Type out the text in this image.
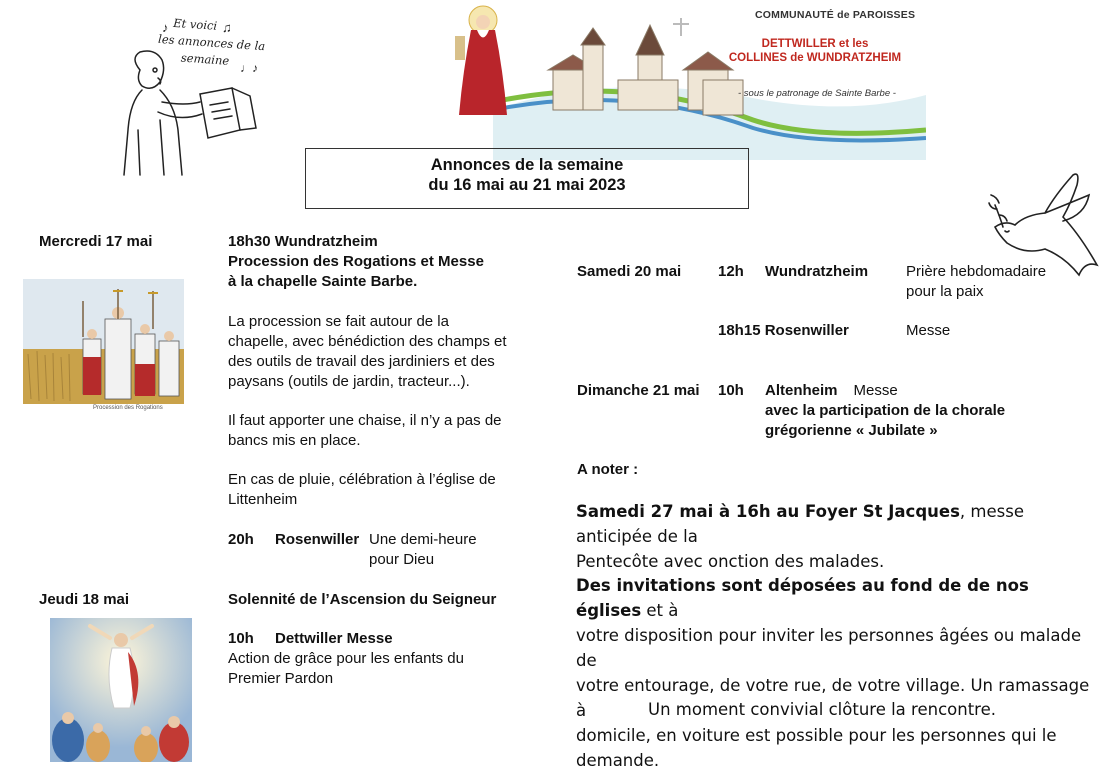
Et voici
les annonces de la
semaine
♪	♫
♩♪
COMMUNAUTÉ de PAROISSES
DETTWILLER et les
COLLINES de WUNDRATZHEIM
- sous le patronage de Sainte Barbe -
Annonces de la semaine
du 16 mai au 21 mai 2023
Mercredi 17 mai	18h30 Wundratzheim
Procession des Rogations et Messe
à la chapelle Sainte Barbe.
La procession se fait autour de la
chapelle, avec bénédiction des champs et
des outils de travail des jardiniers et des
paysans (outils de jardin, tracteur...).
Il faut apporter une chaise, il n’y a pas de
bancs mis en place.
En cas de pluie, célébration à l’église de
Littenheim
20h Rosenwiller Une demi-heure
pour Dieu
Procession des Rogations
Jeudi 18 mai	Solennité de l’Ascension du Seigneur
10h Dettwiller Messe
Action de grâce pour les enfants du
Premier Pardon
Samedi 20 mai 12h Wundratzheim	Prière hebdomadaire
pour la paix
18h15 Rosenwiller	Messe
Dimanche 21 mai 10h Altenheim Messe
avec la participation de la chorale
grégorienne « Jubilate »
A noter :
Samedi 27 mai à 16h au Foyer St Jacques, messe anticipée de la
Pentecôte avec onction des malades.
Des invitations sont déposées au fond de de nos églises et à
votre disposition pour inviter les personnes âgées ou malade de
votre entourage, de votre rue, de votre village. Un ramassage à
domicile, en voiture est possible pour les personnes qui le
demande.
Un moment convivial clôture la rencontre.
